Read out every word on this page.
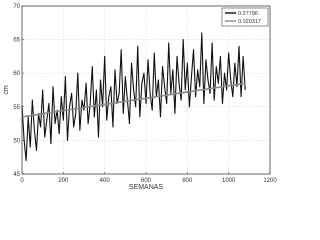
0	200	400	600	800	1000	1200
45
50
55
60
65
70
SEMANAS
cm
0.27796
0.020317
